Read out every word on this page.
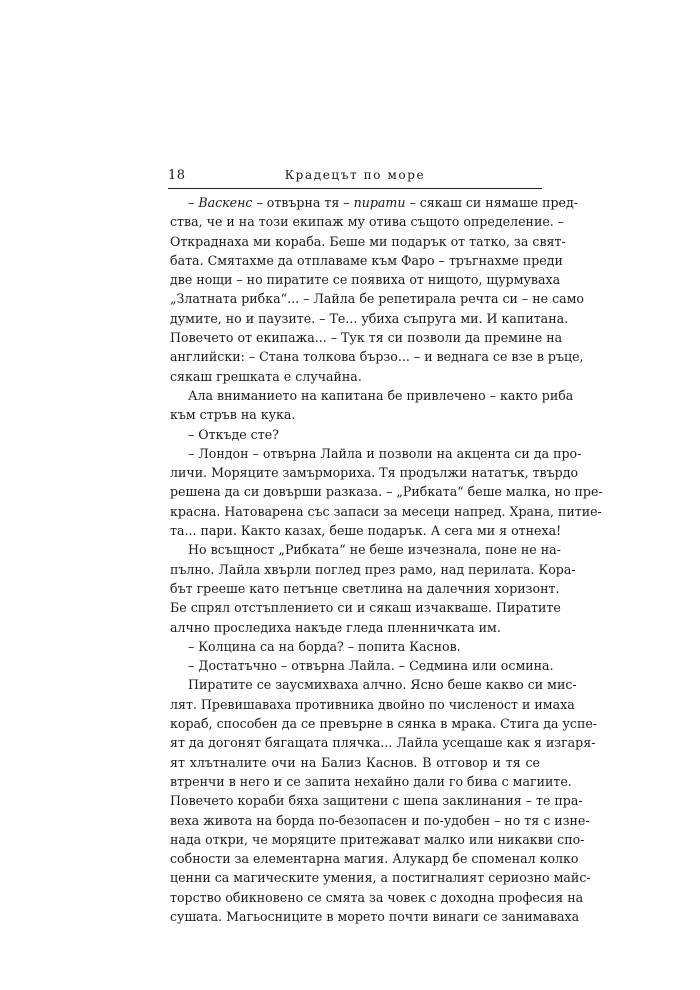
18	Крадецът по море
– Васкенс – отвърна тя – пирати – сякаш си нямаше пред-
ства, че и на този екипаж му отива същото определение. –
Откраднаха ми кораба. Беше ми подарък от татко, за свят-
бата. Смятахме да отплаваме към Фаро – тръгнахме преди
две нощи – но пиратите се появиха от нищото, щурмуваха
„Златната рибка“... – Лайла бе репетирала речта си – не само
думите, но и паузите. – Те... убиха съпруга ми. И капитана.
Повечето от екипажа... – Тук тя си позволи да премине на
английски: – Стана толкова бързо... – и веднага се взе в ръце,
сякаш грешката е случайна.
Ала вниманието на капитана бе привлечено – както риба
към стръв на кука.
– Откъде сте?
– Лондон – отвърна Лайла и позволи на акцента си да про-
личи. Моряците замърмориха. Тя продължи нататък, твърдо
решена да си довърши разказа. – „Рибката“ беше малка, но пре-
красна. Натоварена със запаси за месеци напред. Храна, питие-
та... пари. Както казах, беше подарък. А сега ми я отнеха!
Но всъщност „Рибката“ не беше изчезнала, поне не на-
пълно. Лайла хвърли поглед през рамо, над перилата. Кора-
бът грееше като петънце светлина на далечния хоризонт.
Бе спрял отстъплението си и сякаш изчакваше. Пиратите
алчно проследиха накъде гледа пленничката им.
– Колцина са на борда? – попита Каснов.
– Достатъчно – отвърна Лайла. – Седмина или осмина.
Пиратите се заусмихваха алчно. Ясно беше какво си мис-
лят. Превишаваха противника двойно по численост и имаха
кораб, способен да се превърне в сянка в мрака. Стига да успе-
ят да догонят бягащата плячка... Лайла усещаше как я изгаря-
ят хлътналите очи на Бализ Каснов. В отговор и тя се
втренчи в него и се запита нехайно дали го бива с магиите.
Повечето кораби бяха защитени с шепа заклинания – те пра-
веха живота на борда по-безопасен и по-удобен – но тя с изне-
нада откри, че моряците притежават малко или никакви спо-
собности за елементарна магия. Алукард бе споменал колко
ценни са магическите умения, а постигналият сериозно майс-
торство обикновено се смята за човек с доходна професия на
сушата. Магьосниците в морето почти винаги се занимаваха
